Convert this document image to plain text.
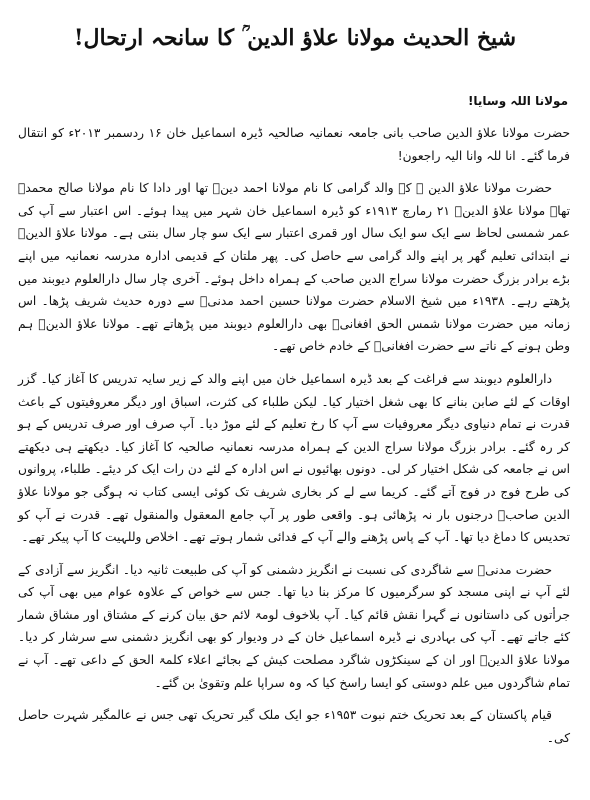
شیخ الحدیث مولانا علاؤ الدین ؒ کا سانحہ ارتحال!
مولانا اللہ وسایا!

حضرت مولانا علاؤ الدین صاحب بانی جامعہ نعمانیہ صالحیہ ڈیرہ اسماعیل خان ۱۶ ردسمبر ۲۰۱۳ء کو انتقال فرما گئے۔ انا للہ وانا الیہ راجعون!

حضرت مولانا علاؤ الدین ؒ کے والد گرامی کا نام مولانا احمد دینؒ تھا اور دادا کا نام مولانا صالح محمدؒ تھا۔ مولانا علاؤ الدینؒ ۲۱ رمارچ ۱۹۱۳ء کو ڈیرہ اسماعیل خان شہر میں پیدا ہوئے۔ اس اعتبار سے آپ کی عمر شمسی لحاظ سے ایک سو ایک سال اور قمری اعتبار سے ایک سو چار سال بنتی ہے۔ مولانا علاؤ الدینؒ نے ابتدائی تعلیم گھر پر اپنے والد گرامی سے حاصل کی۔ پھر ملتان کے قدیمی ادارہ مدرسہ نعمانیہ میں اپنے بڑے برادر بزرگ حضرت مولانا سراج الدین صاحب کے ہمراہ داخل ہوئے۔ آخری چار سال دارالعلوم دیوبند میں پڑھتے رہے۔ ۱۹۳۸ء میں شیخ الاسلام حضرت مولانا حسین احمد مدنیؒ سے دورہ حدیث شریف پڑھا۔ اس زمانہ میں حضرت مولانا شمس الحق افغانیؒ بھی دارالعلوم دیوبند میں پڑھاتے تھے۔ مولانا علاؤ الدینؒ ہم وطن ہونے کے ناتے سے حضرت افغانیؒ کے خادم خاص تھے۔

دارالعلوم دیوبند سے فراغت کے بعد ڈیرہ اسماعیل خان میں اپنے والد کے زیر سایہ تدریس کا آغاز کیا۔ گزر اوقات کے لئے صابن بنانے کا بھی شغل اختیار کیا۔ لیکن طلباء کی کثرت، اسباق اور دیگر معروفیتوں کے باعث قدرت نے تمام دنیاوی دیگر معروفیات سے آپ کا رخ تعلیم کے لئے موڑ دیا۔ آپ صرف اور صرف تدریس کے ہو کر رہ گئے۔ برادر بزرگ مولانا سراج الدین کے ہمراہ مدرسہ نعمانیہ صالحیہ کا آغاز کیا۔ دیکھتے ہی دیکھتے اس نے جامعہ کی شکل اختیار کر لی۔ دونوں بھائیوں نے اس ادارہ کے لئے دن رات ایک کر دیئے۔ طلباء، پروانوں کی طرح فوج در فوج آتے گئے۔ کریما سے لے کر بخاری شریف تک کوئی ایسی کتاب نہ ہوگی جو مولانا علاؤ الدین صاحبؒ درجنوں بار نہ پڑھائی ہو۔ واقعی طور پر آپ جامع المعقول والمنقول تھے۔ قدرت نے آپ کو تحدیس کا دماغ دیا تھا۔ آپ کے پاس پڑھنے والے آپ کے فدائی شمار ہوتے تھے۔ اخلاص وللہیت کا آپ پیکر تھے۔

حضرت مدنیؒ سے شاگردی کی نسبت نے انگریز دشمنی کو آپ کی طبیعت ثانیہ دیا۔ انگریز سے آزادی کے لئے آپ نے اپنی مسجد کو سرگرمیوں کا مرکز بنا دیا تھا۔ جس سے خواص کے علاوہ عوام میں بھی آپ کی جرأتوں کی داستانوں نے گہرا نقش قائم کیا۔ آپ بلاخوف لومۃ لائم حق بیان کرنے کے مشتاق اور مشاق شمار کئے جاتے تھے۔ آپ کی بہادری نے ڈیرہ اسماعیل خان کے در ودیوار کو بھی انگریز دشمنی سے سرشار کر دیا۔ مولانا علاؤ الدینؒ اور ان کے سینکڑوں شاگرد مصلحت کیش کے بجائے اعلاء کلمۃ الحق کے داعی تھے۔ آپ نے تمام شاگردوں میں علم دوستی کو ایسا راسخ کیا کہ وہ سراپا علم وتقویٰ بن گئے۔

قیام پاکستان کے بعد تحریک ختم نبوت ۱۹۵۳ء جو ایک ملک گیر تحریک تھی جس نے عالمگیر شہرت حاصل کی۔
